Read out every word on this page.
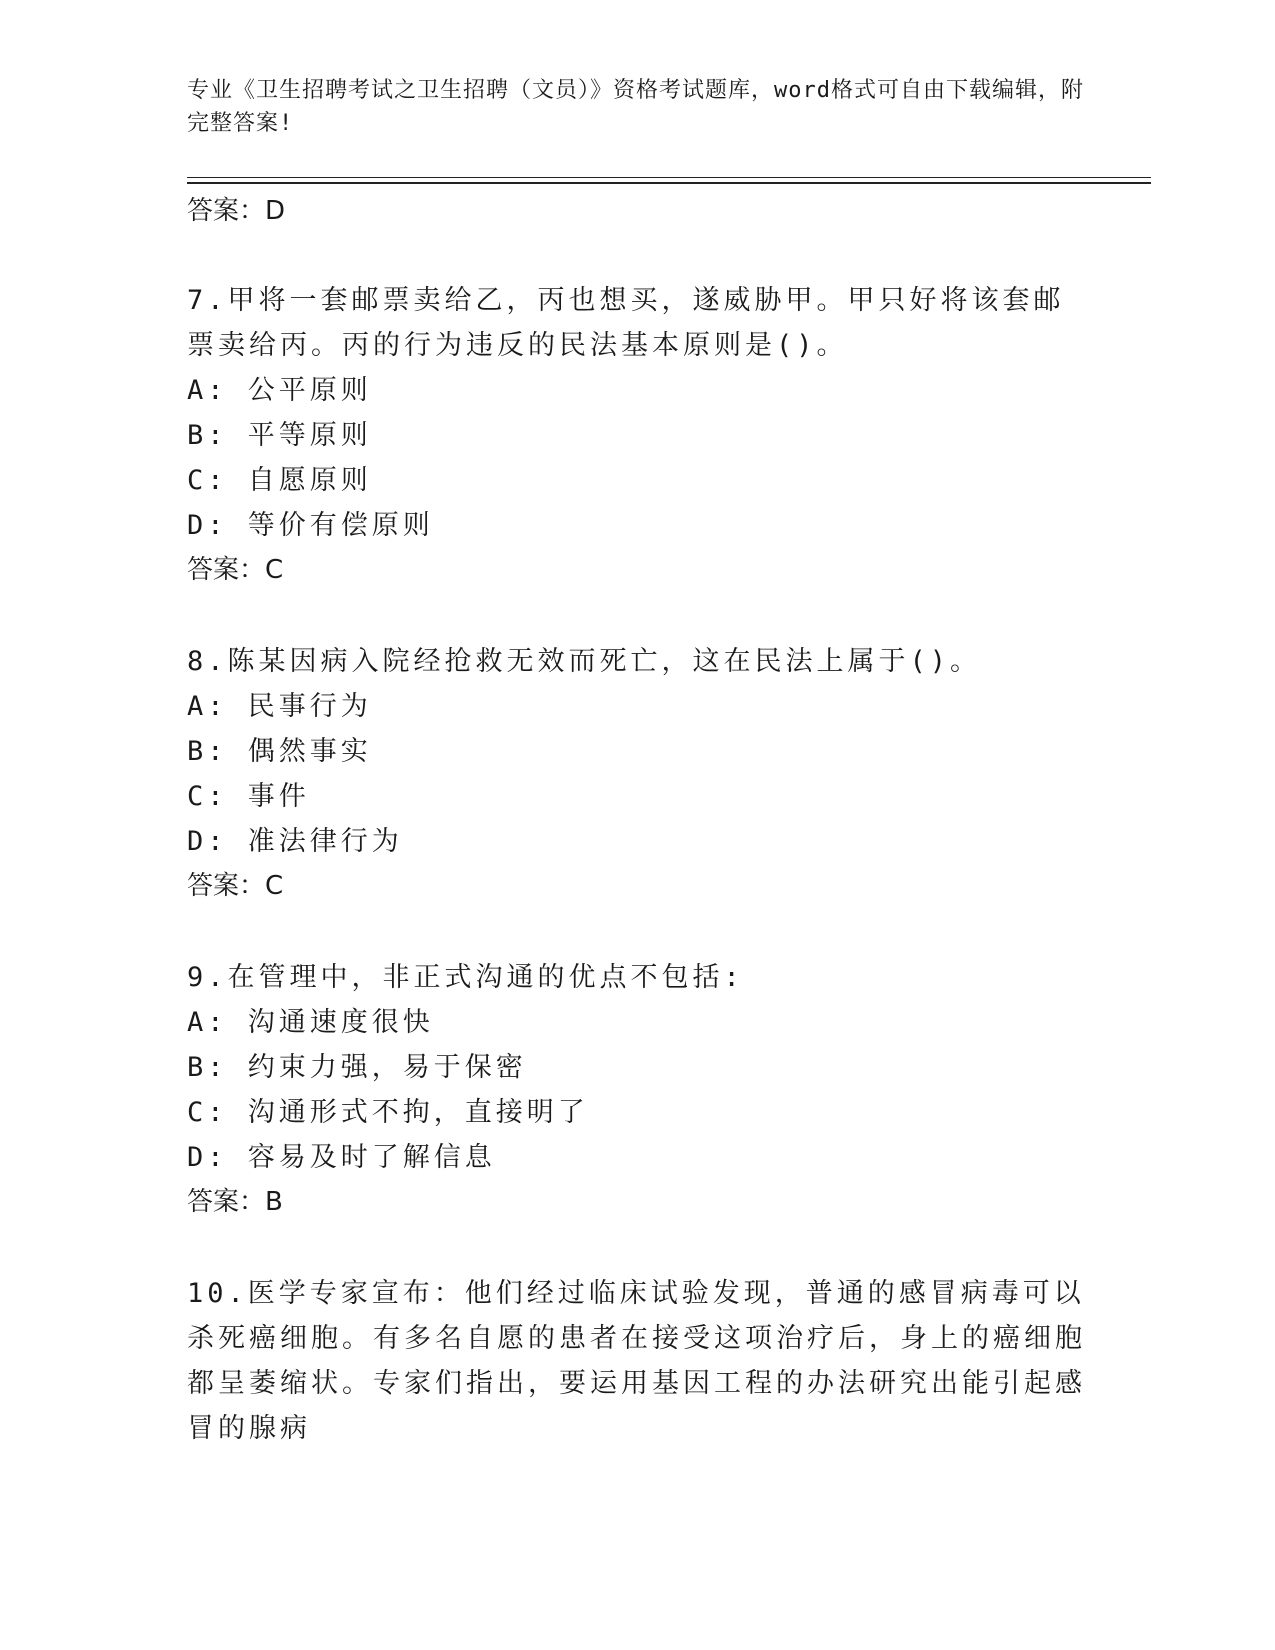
专业《卫生招聘考试之卫生招聘（文员）》资格考试题库，word格式可自由下载编辑，附完整答案!
答案：D

7.甲将一套邮票卖给乙，丙也想买，遂威胁甲。甲只好将该套邮票卖给丙。丙的行为违反的民法基本原则是()。

A: 公平原则

B: 平等原则

C: 自愿原则

D: 等价有偿原则

答案：C

8.陈某因病入院经抢救无效而死亡，这在民法上属于()。

A: 民事行为

B: 偶然事实

C: 事件

D: 准法律行为

答案：C

9.在管理中，非正式沟通的优点不包括:

A: 沟通速度很快

B: 约束力强，易于保密

C: 沟通形式不拘，直接明了

D: 容易及时了解信息

答案：B

10.医学专家宣布：他们经过临床试验发现，普通的感冒病毒可以杀死癌细胞。有多名自愿的患者在接受这项治疗后，身上的癌细胞都呈萎缩状。专家们指出，要运用基因工程的办法研究出能引起感冒的腺病
